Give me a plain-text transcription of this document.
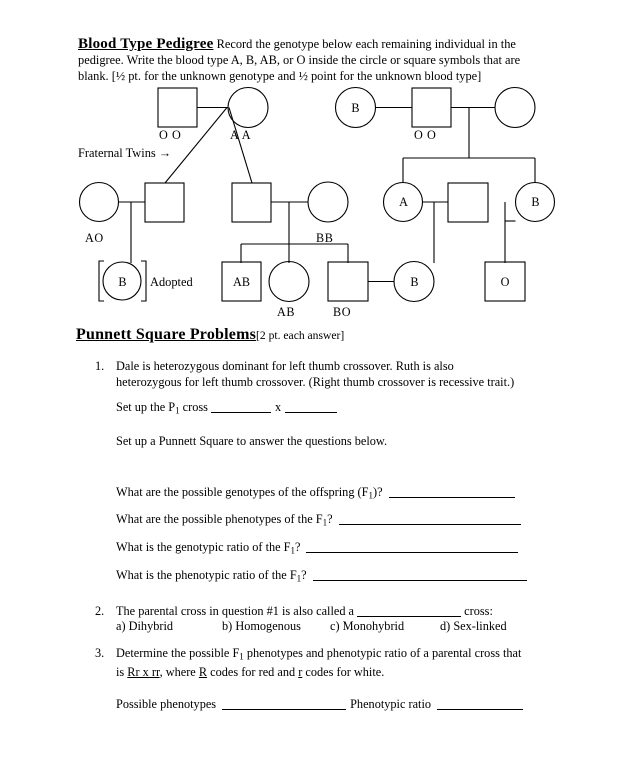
Blood Type Pedigree Record the genotype below each remaining individual in the pedigree. Write the blood type A, B, AB, or O inside the circle or square symbols that are blank. [½ pt. for the unknown genotype and ½ point for the unknown blood type]
O O	A A
B
O O
Fraternal Twins →
AO	BB
A	B
B	Adopted	AB
AB	BO
B	O
Punnett Square Problems[2 pt. each answer]
1. Dale is heterozygous dominant for left thumb crossover. Ruth is also
heterozygous for left thumb crossover. (Right thumb crossover is recessive trait.)
Set up the $P_1$ cross	x
Set up a Punnett Square to answer the questions below.
What are the possible genotypes of the offspring $(F_1)$?
What are the possible phenotypes of the $F_1$?
What is the genotypic ratio of the $F_1$?
What is the phenotypic ratio of the $F_1$?
2. The parental cross in question #1 is also called a	cross:
a) Dihybrid	b) Homogenous c) Monohybrid	d) Sex-linked
3. Determine the possible $F_1$ phenotypes and phenotypic ratio of a parental cross that
is Rr x rr, where R codes for red and r codes for white.
Possible phenotypes	Phenotypic ratio
